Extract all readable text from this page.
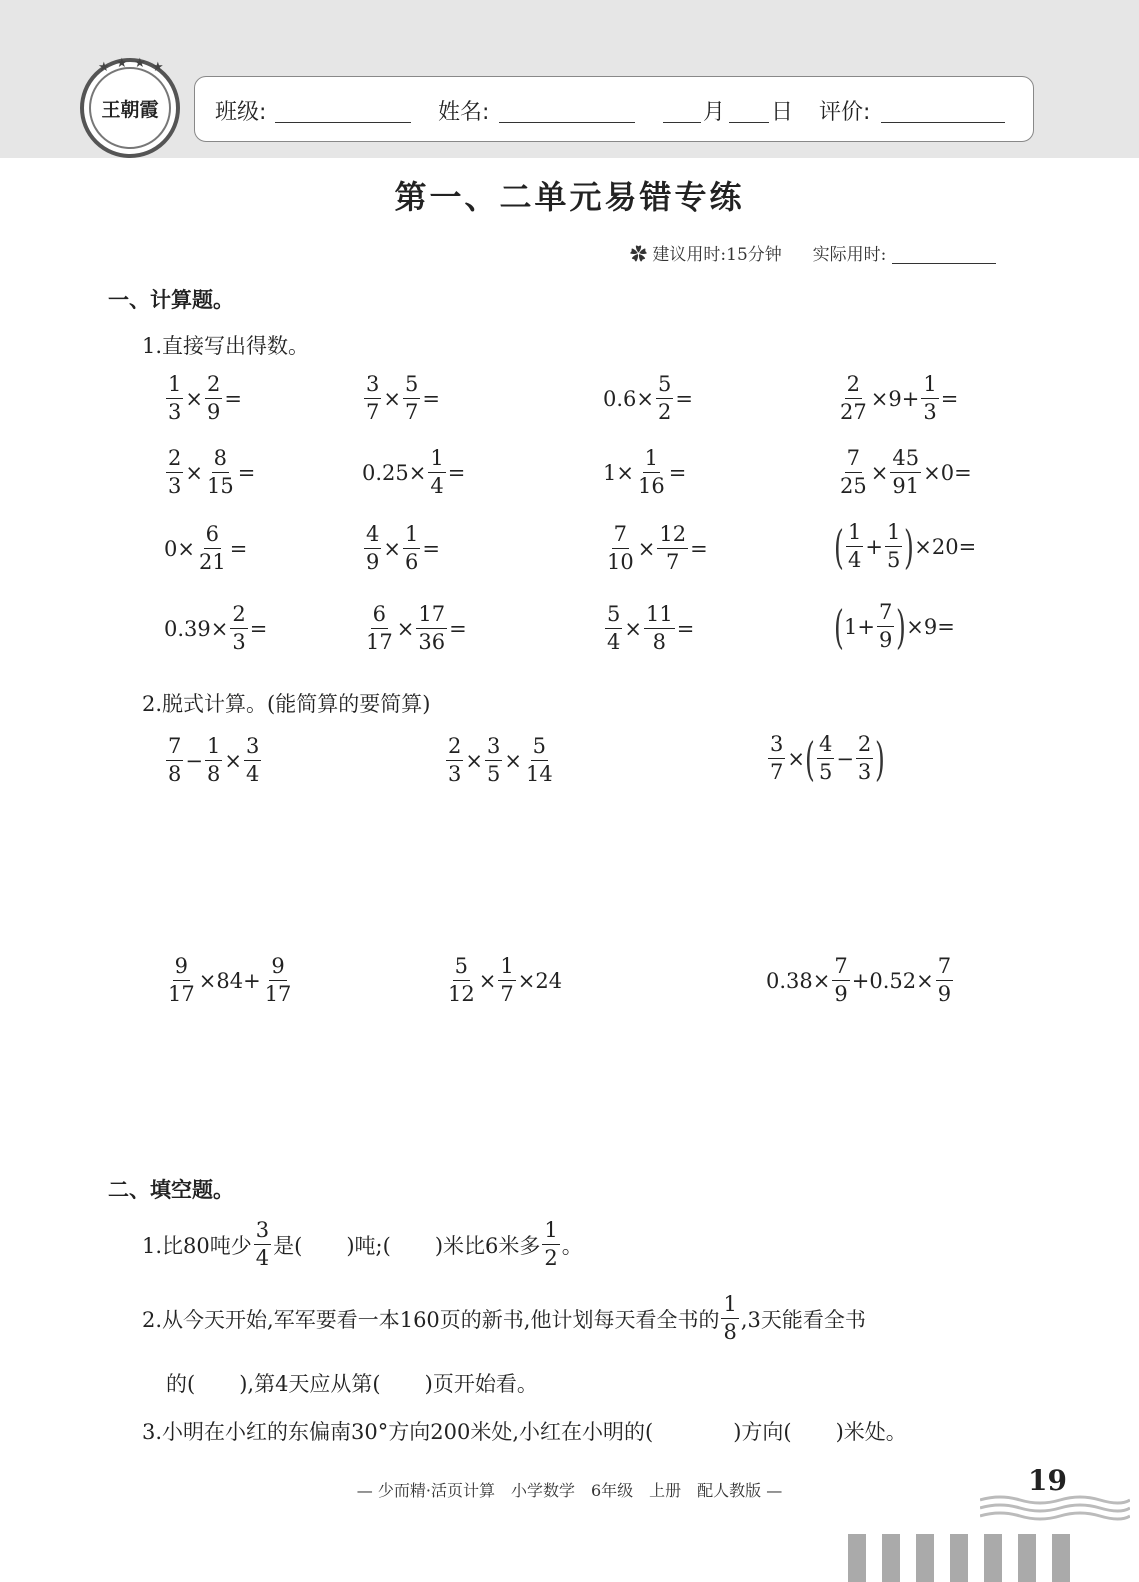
王朝霞
★ ★ ★ ★
班级:	姓名:	月 日 评价:
第一、二单元易错专练
✿ 建议用时:15分钟 实际用时:
一、计算题。
1.直接写出得数。
$\frac{1}{3} \times \frac{2}{9}$ =	$\frac{3}{7} \times \frac{5}{7}$ =	$0.6 \times \frac{5}{2}$ =	$\frac{2}{27} \times 9 + \frac{1}{3}$ =
$\frac{2}{3} \times \frac{8}{15}$ =	$0.25 \times \frac{1}{4}$ =	$1 \times \frac{1}{16}$ =	$\frac{7}{25} \times \frac{45}{91} \times 0$ =
$0 \times \frac{6}{21}$ =	$\frac{4}{9} \times \frac{1}{6}$ =	$\frac{7}{10} \times \frac{12}{7}$ =	( $\frac{1}{4} + \frac{1}{5}$ ) × 20 =
$0.39 \times \frac{2}{3}$ =	$\frac{6}{17} \times \frac{17}{36}$ =	$\frac{5}{4} \times \frac{11}{8}$ =	( $1 + \frac{7}{9}$ ) × 9 =
2.脱式计算。(能简算的要简算)
$\frac{7}{8} - \frac{1}{8} \times \frac{3}{4}$	$\frac{2}{3} \times \frac{3}{5} \times \frac{5}{14}$	$\frac{3}{7}$ × ( $\frac{4}{5} - \frac{2}{3}$ )
$\frac{9}{17} \times 84 + \frac{9}{17}$	$\frac{5}{12} \times \frac{1}{7} \times 24$	$0.38 \times \frac{7}{9} + 0.52 \times \frac{7}{9}$
二、填空题。
1.比80吨少 $\frac{3}{4}$ 是( )吨;( )米比6米多 $\frac{1}{2}$ 。
2.从今天开始,军军要看一本160页的新书,他计划每天看全书的 $\frac{1}{8} ,3$天能看全书
的( ),第4天应从第( )页开始看。
3.小明在小红的东偏南30°方向200米处,小红在小明的(	)方向( )米处。
— 少而精·活页计算　小学数学　6年级　上册　配人教版 —	19
